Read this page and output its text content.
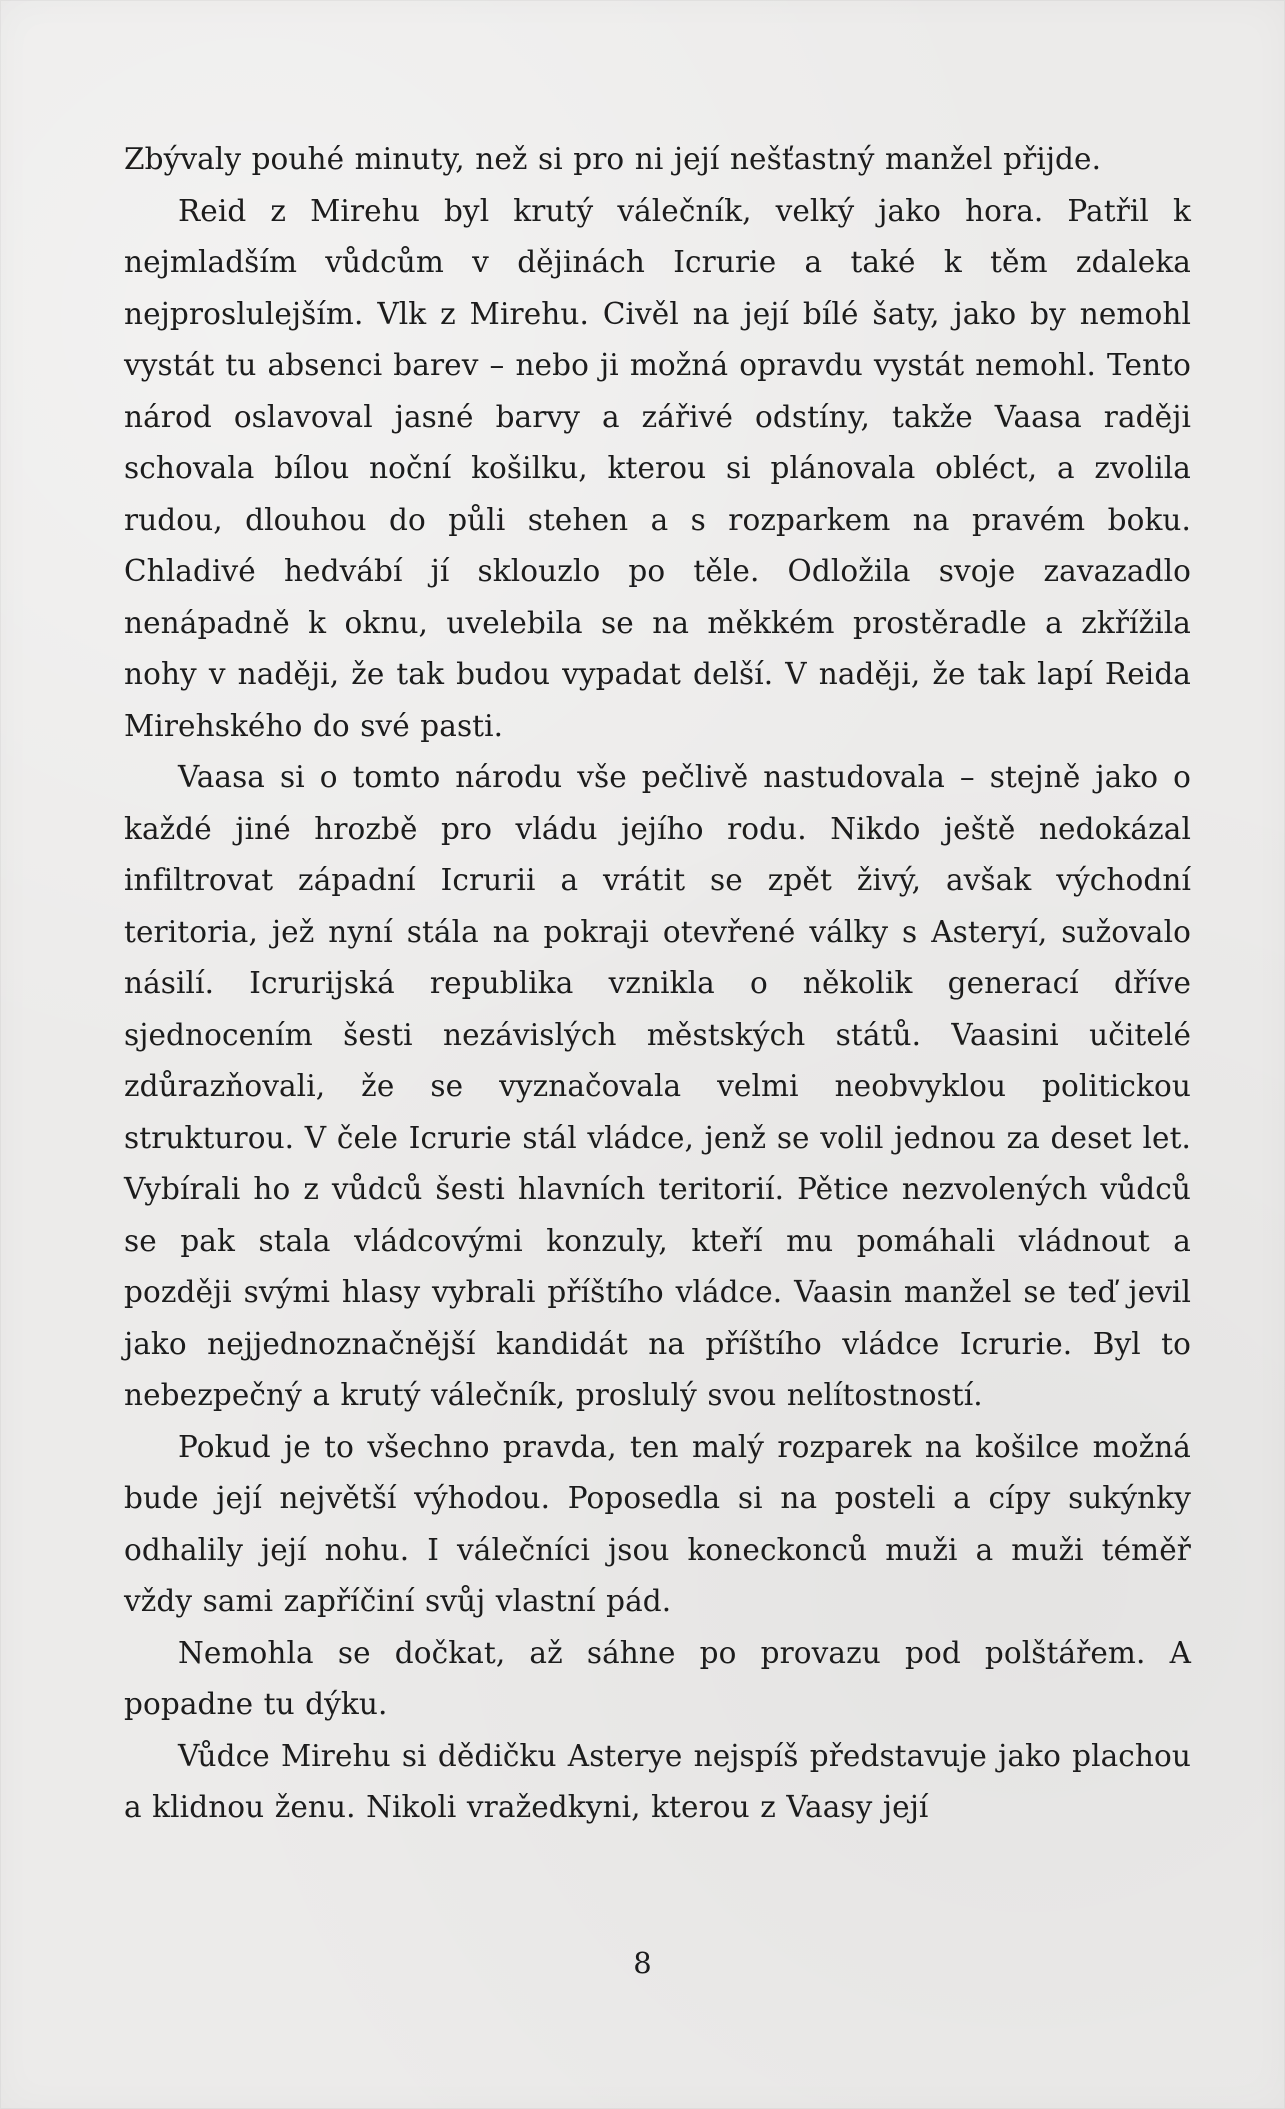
Zbývaly pouhé minuty, než si pro ni její nešťastný manžel přijde.

Reid z Mirehu byl krutý válečník, velký jako hora. Patřil k nejmladším vůdcům v dějinách Icrurie a také k těm zdaleka nejproslulejším. Vlk z Mirehu. Civěl na její bílé šaty, jako by nemohl vystát tu absenci barev – nebo ji možná opravdu vystát nemohl. Tento národ oslavoval jasné barvy a zářivé odstíny, takže Vaasa raději schovala bílou noční košilku, kterou si plánovala obléct, a zvolila rudou, dlouhou do půli stehen a s rozparkem na pravém boku. Chladivé hedvábí jí sklouzlo po těle. Odložila svoje zavazadlo nenápadně k oknu, uvelebila se na měkkém prostěradle a zkřížila nohy v naději, že tak budou vypadat delší. V naději, že tak lapí Reida Mirehského do své pasti.

Vaasa si o tomto národu vše pečlivě nastudovala – stejně jako o každé jiné hrozbě pro vládu jejího rodu. Nikdo ještě nedokázal infiltrovat západní Icrurii a vrátit se zpět živý, avšak východní teritoria, jež nyní stála na pokraji otevřené války s Asteryí, sužovalo násilí. Icrurijská republika vznikla o několik generací dříve sjednocením šesti nezávislých městských států. Vaasini učitelé zdůrazňovali, že se vyznačovala velmi neobvyklou politickou strukturou. V čele Icrurie stál vládce, jenž se volil jednou za deset let. Vybírali ho z vůdců šesti hlavních teritorií. Pětice nezvolených vůdců se pak stala vládcovými konzuly, kteří mu pomáhali vládnout a později svými hlasy vybrali příštího vládce. Vaasin manžel se teď jevil jako nejjednoznačnější kandidát na příštího vládce Icrurie. Byl to nebezpečný a krutý válečník, proslulý svou nelítostností.

Pokud je to všechno pravda, ten malý rozparek na košilce možná bude její největší výhodou. Poposedla si na posteli a cípy sukýnky odhalily její nohu. I válečníci jsou koneckonců muži a muži téměř vždy sami zapříčiní svůj vlastní pád.

Nemohla se dočkat, až sáhne po provazu pod polštářem. A popadne tu dýku.

Vůdce Mirehu si dědičku Asterye nejspíš představuje jako plachou a klidnou ženu. Nikoli vražedkyni, kterou z Vaasy její

8
